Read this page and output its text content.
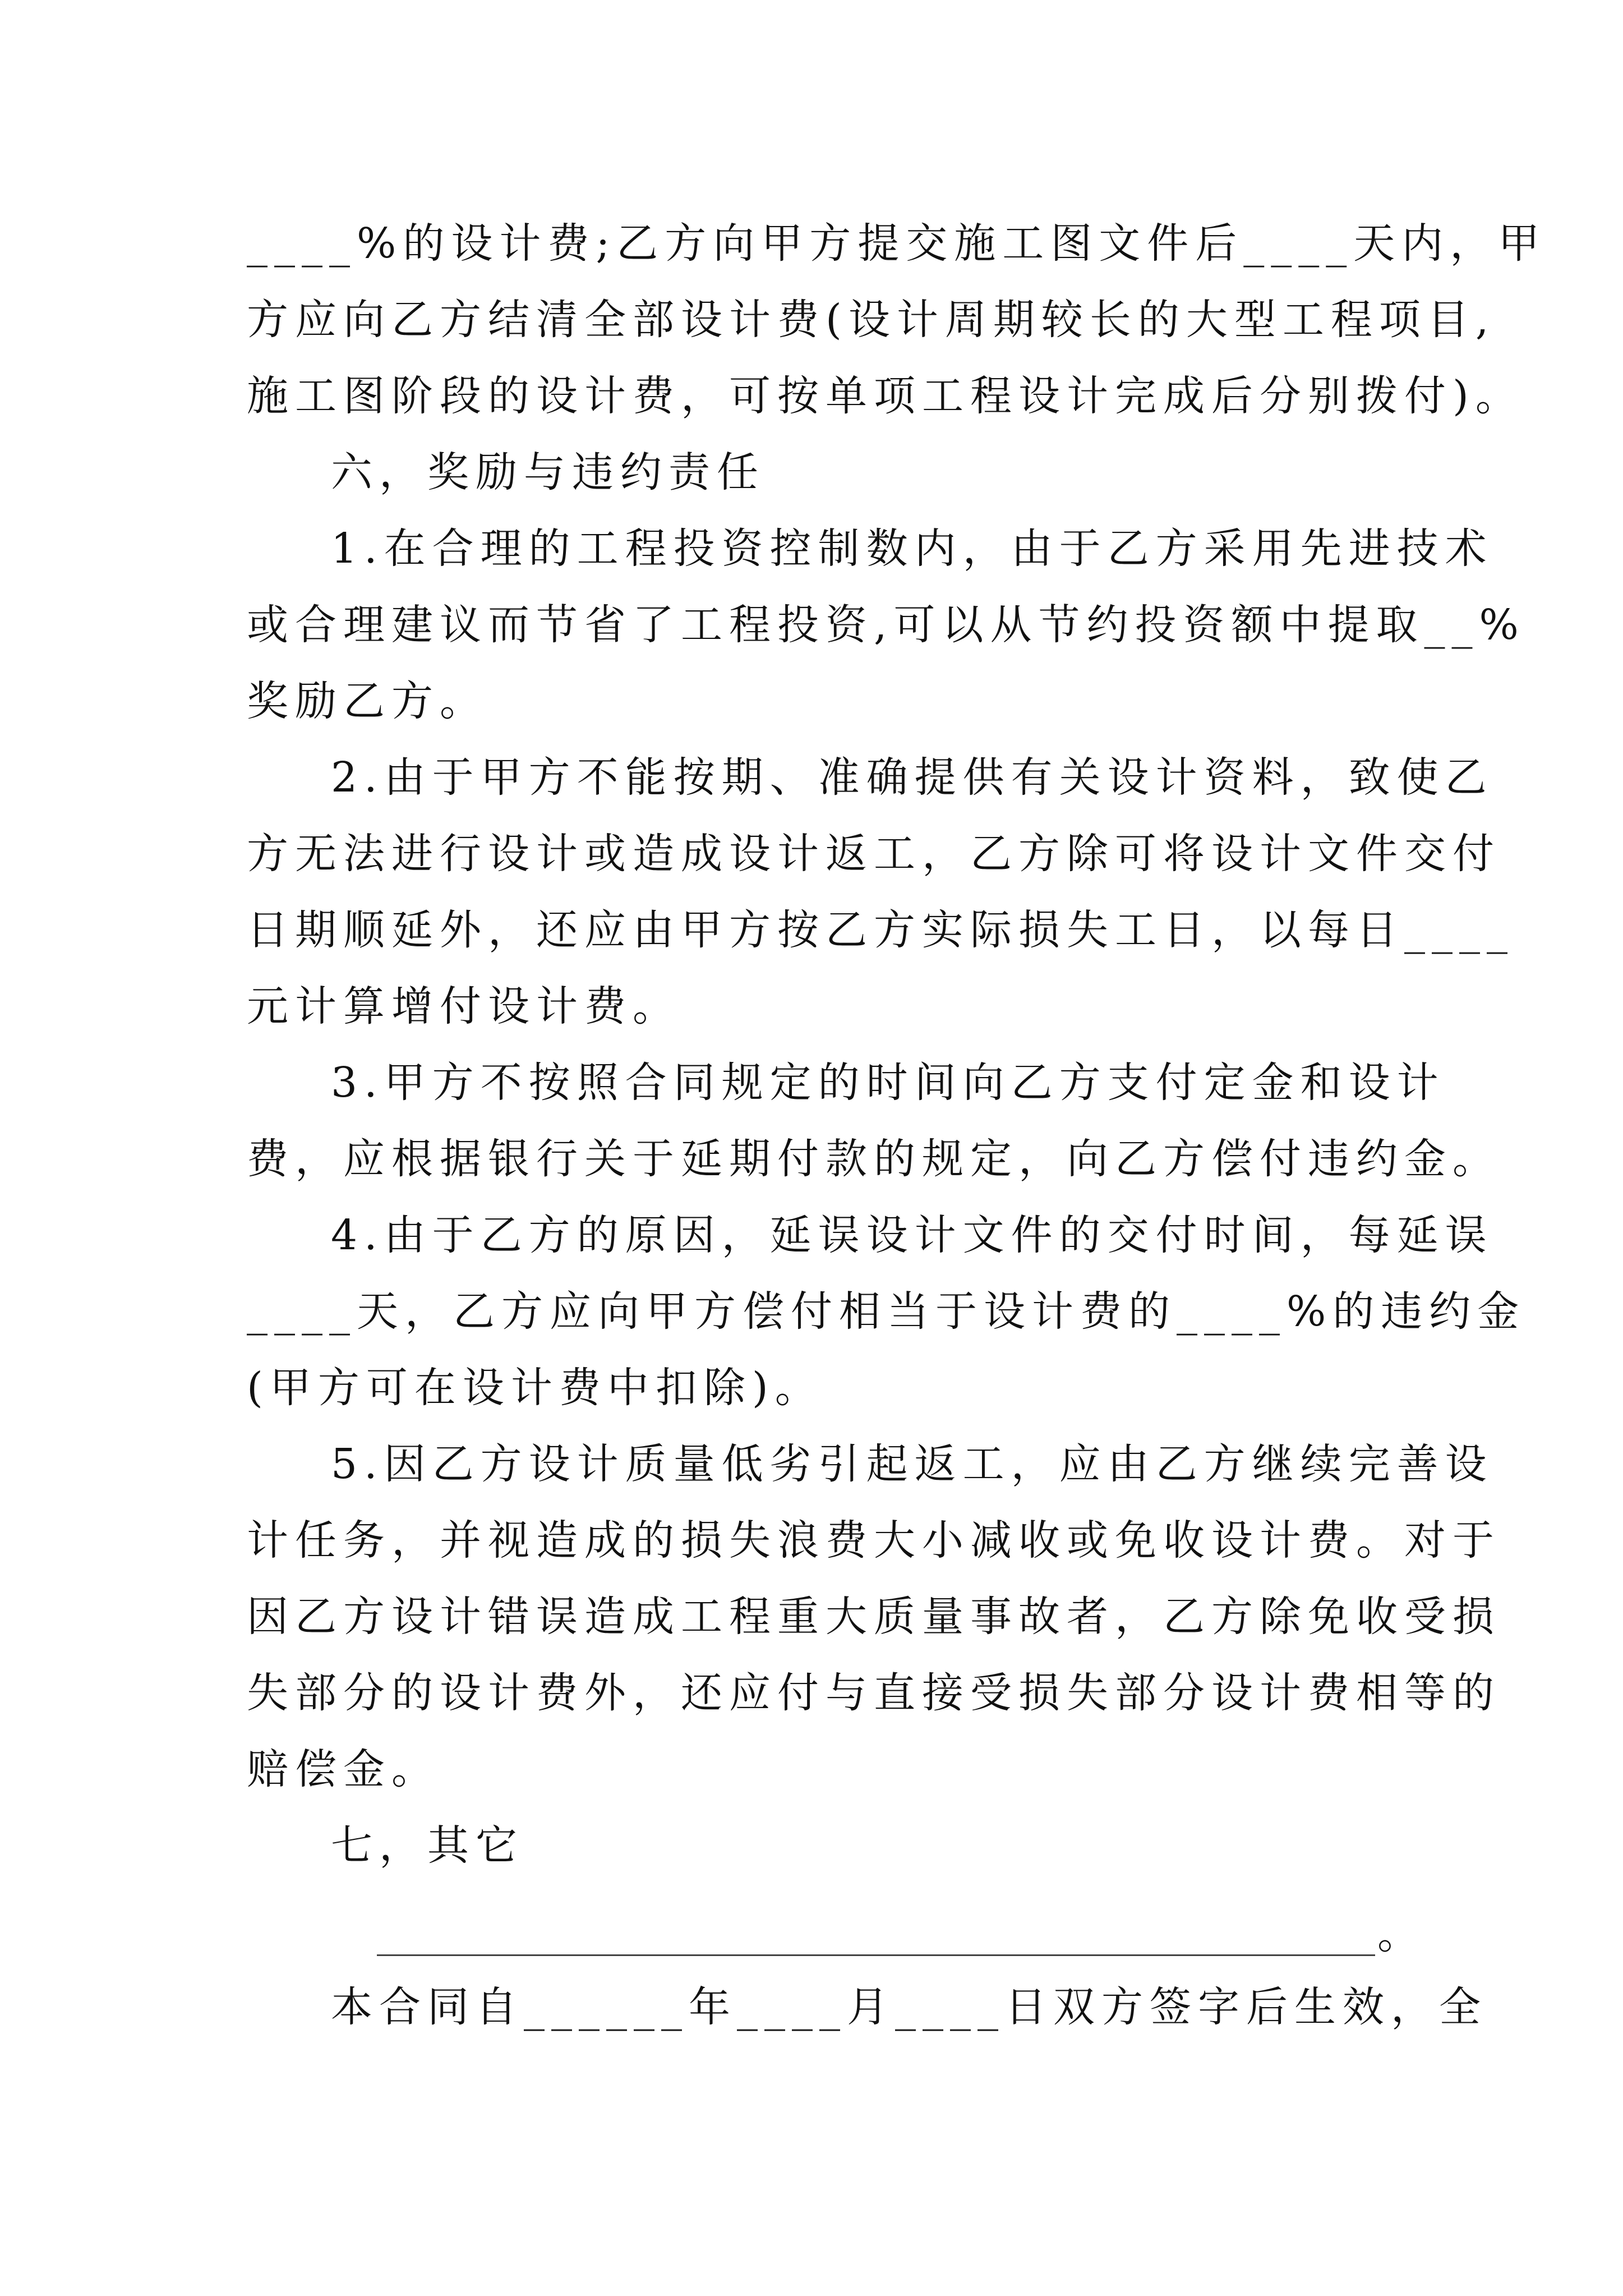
____%的设计费;乙方向甲方提交施工图文件后____天内，甲
方应向乙方结清全部设计费(设计周期较长的大型工程项目,
施工图阶段的设计费，可按单项工程设计完成后分别拨付)。
六，奖励与违约责任
1.在合理的工程投资控制数内，由于乙方采用先进技术
或合理建议而节省了工程投资,可以从节约投资额中提取__%
奖励乙方。
2.由于甲方不能按期、准确提供有关设计资料，致使乙
方无法进行设计或造成设计返工，乙方除可将设计文件交付
日期顺延外，还应由甲方按乙方实际损失工日，以每日____
元计算增付设计费。
3.甲方不按照合同规定的时间向乙方支付定金和设计
费，应根据银行关于延期付款的规定，向乙方偿付违约金。
4.由于乙方的原因，延误设计文件的交付时间，每延误
____天，乙方应向甲方偿付相当于设计费的____%的违约金
(甲方可在设计费中扣除)。
5.因乙方设计质量低劣引起返工，应由乙方继续完善设
计任务，并视造成的损失浪费大小减收或免收设计费。对于
因乙方设计错误造成工程重大质量事故者，乙方除免收受损
失部分的设计费外，还应付与直接受损失部分设计费相等的
赔偿金。
七，其它
。
本合同自______年____月____日双方签字后生效，全
